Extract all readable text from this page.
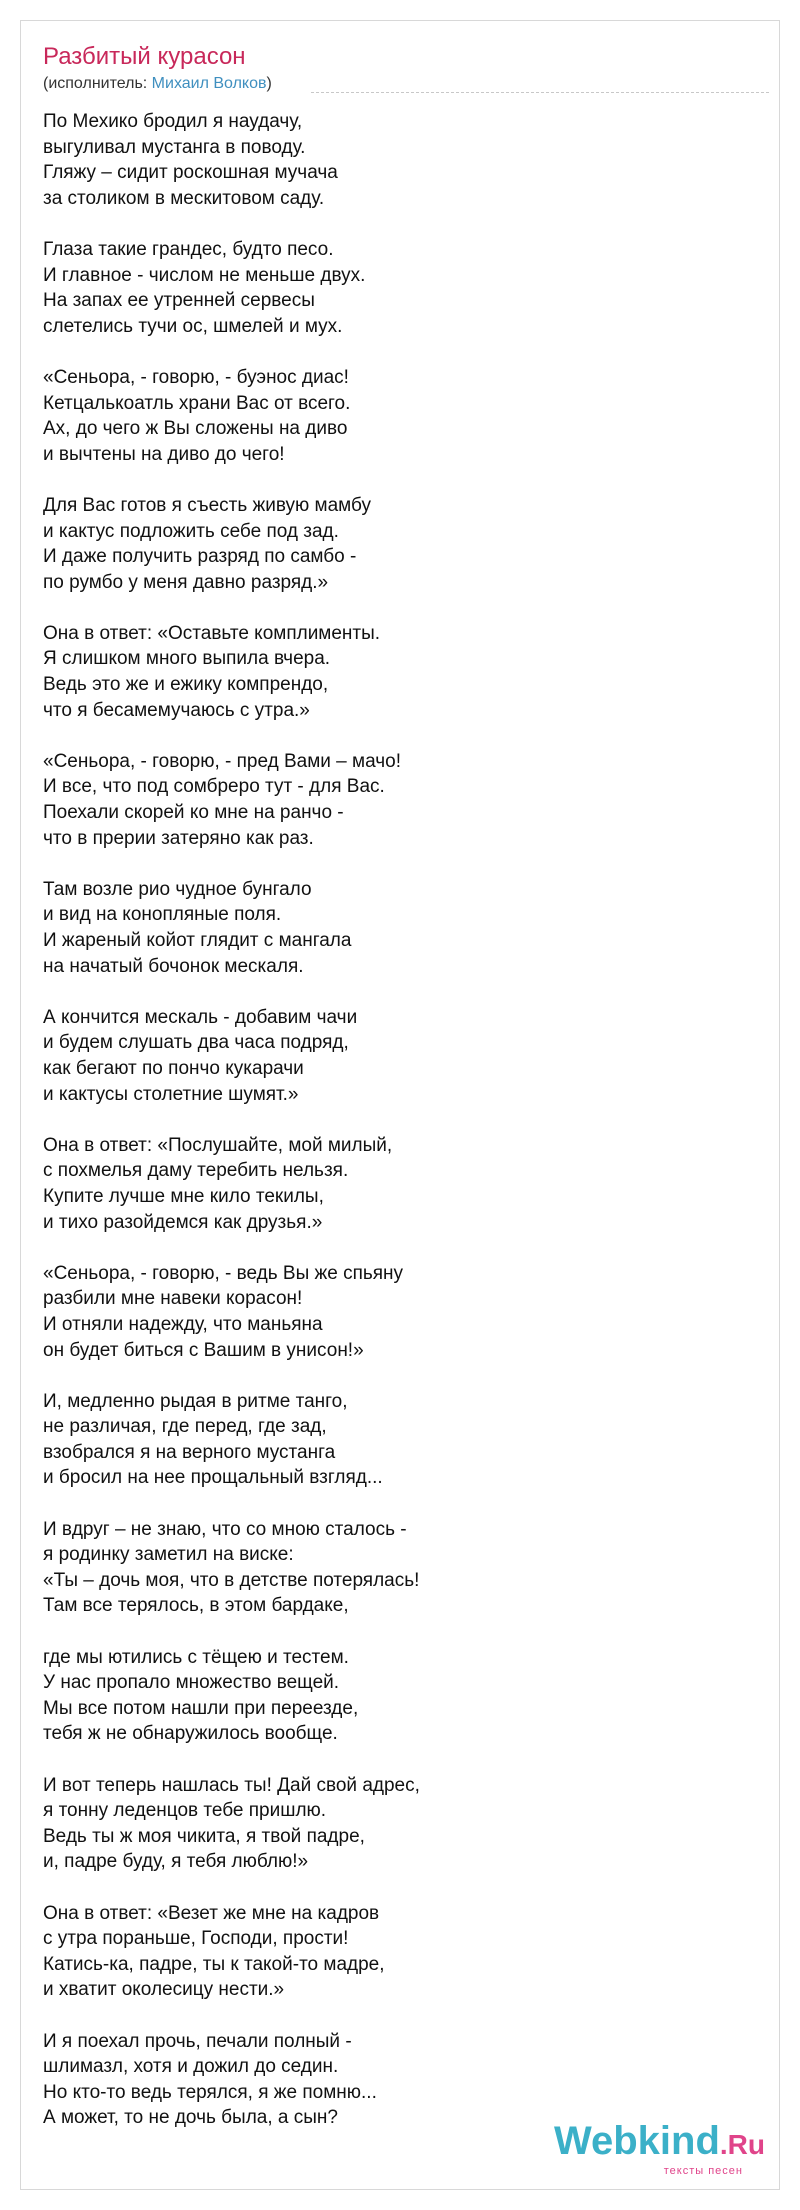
Разбитый курасон
(исполнитель: Михаил Волков)
По Мехико бродил я наудачу,
выгуливал мустанга в поводу.
Гляжу – сидит роскошная мучача
за столиком в мескитовом саду.
Глаза такие грандес, будто песо.
И главное - числом не меньше двух.
На запах ее утренней сервесы
слетелись тучи ос, шмелей и мух.
«Сеньора, - говорю, - буэнос диас!
Кетцалькоатль храни Вас от всего.
Ах, до чего ж Вы сложены на диво
и вычтены на диво до чего!
Для Вас готов я съесть живую мамбу
и кактус подложить себе под зад.
И даже получить разряд по самбо -
по румбо у меня давно разряд.»
Она в ответ: «Оставьте комплименты.
Я слишком много выпила вчера.
Ведь это же и ежику компрендо,
что я бесамемучаюсь с утра.»
«Сеньора, - говорю, - пред Вами – мачо!
И все, что под сомбреро тут - для Вас.
Поехали скорей ко мне на ранчо -
что в прерии затеряно как раз.
Там возле рио чудное бунгало
и вид на конопляные поля.
И жареный койот глядит с мангала
на начатый бочонок мескаля.
А кончится мескаль - добавим чачи
и будем слушать два часа подряд,
как бегают по пончо кукарачи
и кактусы столетние шумят.»
Она в ответ: «Послушайте, мой милый,
с похмелья даму теребить нельзя.
Купите лучше мне кило текилы,
и тихо разойдемся как друзья.»
«Сеньора, - говорю, - ведь Вы же спьяну
разбили мне навеки корасон!
И отняли надежду, что маньяна
он будет биться с Вашим в унисон!»
И, медленно рыдая в ритме танго,
не различая, где перед, где зад,
взобрался я на верного мустанга
и бросил на нее прощальный взгляд...
И вдруг – не знаю, что со мною сталось -
я родинку заметил на виске:
«Ты – дочь моя, что в детстве потерялась!
Там все терялось, в этом бардаке,
где мы ютились с тёщею и тестем.
У нас пропало множество вещей.
Мы все потом нашли при переезде,
тебя ж не обнаружилось вообще.
И вот теперь нашлась ты! Дай свой адрес,
я тонну леденцов тебе пришлю.
Ведь ты ж моя чикита, я твой падре,
и, падре буду, я тебя люблю!»
Она в ответ: «Везет же мне на кадров
с утра пораньше, Господи, прости!
Катись-ка, падре, ты к такой-то мадре,
и хватит околесицу нести.»
И я поехал прочь, печали полный -
шлимазл, хотя и дожил до седин.
Но кто-то ведь терялся, я же помню...
А может, то не дочь была, а сын?
Webkind.Ru
тексты песен
